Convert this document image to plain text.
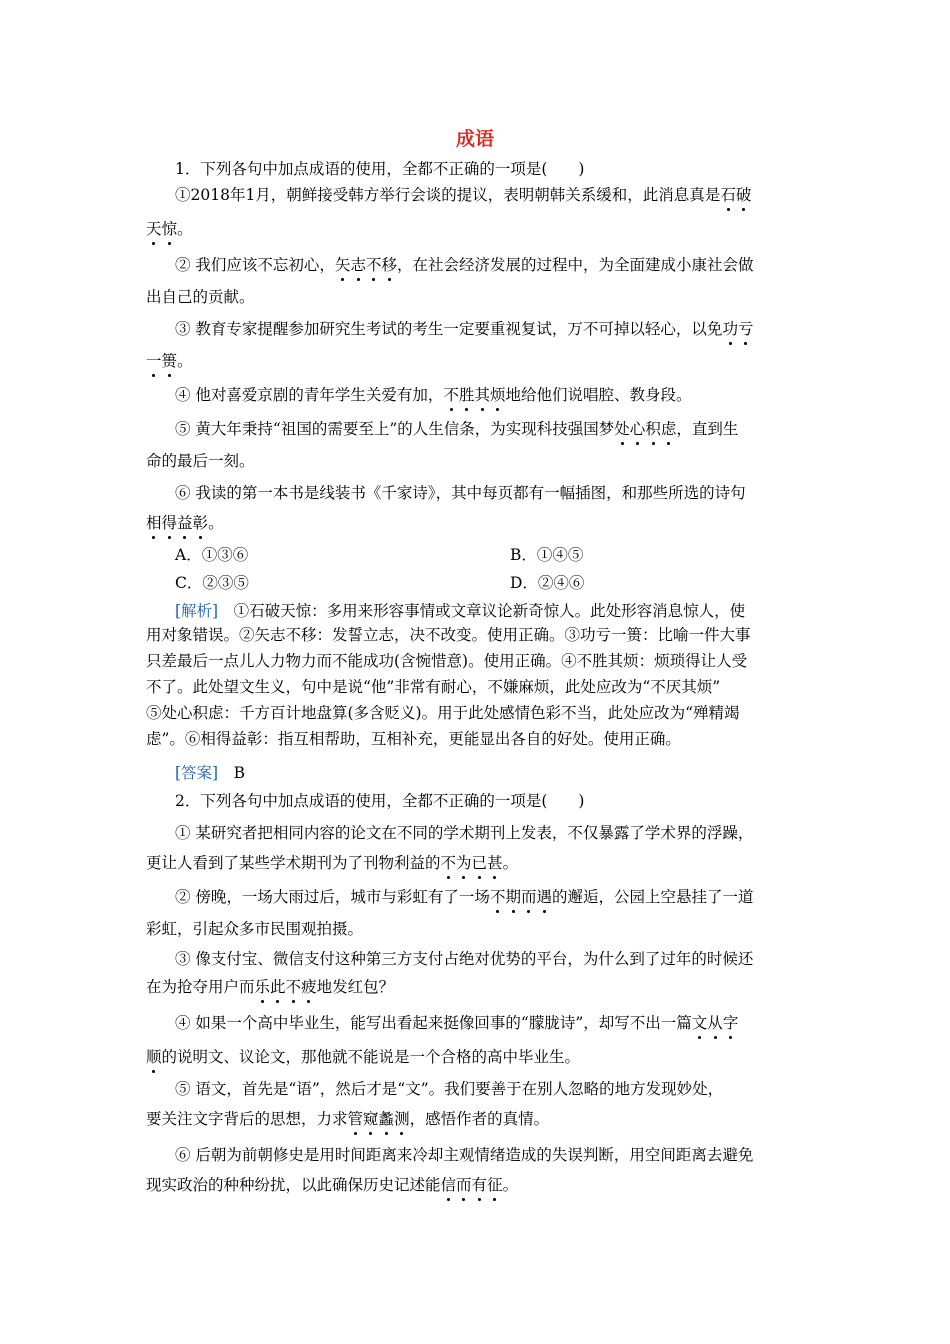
成语
1．下列各句中加点成语的使用，全都不正确的一项是(　　)
①2018年1月，朝鲜接受韩方举行会谈的提议，表明朝韩关系缓和，此消息真是石破
天惊。
② 我们应该不忘初心，矢志不移，在社会经济发展的过程中，为全面建成小康社会做
出自己的贡献。
③ 教育专家提醒参加研究生考试的考生一定要重视复试，万不可掉以轻心，以免功亏
一篑。
④ 他对喜爱京剧的青年学生关爱有加，不胜其烦地给他们说唱腔、教身段。
⑤ 黄大年秉持“祖国的需要至上”的人生信条，为实现科技强国梦处心积虑，直到生
命的最后一刻。
⑥ 我读的第一本书是线装书《千家诗》，其中每页都有一幅插图，和那些所选的诗句
相得益彰。
A．①③⑥	B．①④⑤
C．②③⑤	D．②④⑥
[解析]　 ①石破天惊：多用来形容事情或文章议论新奇惊人。此处形容消息惊人，使
用对象错误。②矢志不移：发誓立志，决不改变。使用正确。③功亏一篑：比喻一件大事
只差最后一点儿人力物力而不能成功(含惋惜意)。使用正确。④不胜其烦：烦琐得让人受
不了。此处望文生义，句中是说“他”非常有耐心，不嫌麻烦，此处应改为“不厌其烦”
⑤处心积虑：千方百计地盘算(多含贬义)。用于此处感情色彩不当，此处应改为“殚精竭
虑”。⑥相得益彰：指互相帮助，互相补充，更能显出各自的好处。使用正确。
[答案]　 B
2．下列各句中加点成语的使用，全都不正确的一项是(　　)
① 某研究者把相同内容的论文在不同的学术期刊上发表，不仅暴露了学术界的浮躁，
更让人看到了某些学术期刊为了刊物利益的不为已甚。
② 傍晚，一场大雨过后，城市与彩虹有了一场不期而遇的邂逅，公园上空悬挂了一道
彩虹，引起众多市民围观拍摄。
③ 像支付宝、微信支付这种第三方支付占绝对优势的平台，为什么到了过年的时候还
在为抢夺用户而乐此不疲地发红包？
④ 如果一个高中毕业生，能写出看起来挺像回事的“朦胧诗”，却写不出一篇文从字
顺的说明文、议论文，那他就不能说是一个合格的高中毕业生。
⑤ 语文，首先是“语”，然后才是“文”。我们要善于在别人忽略的地方发现妙处，
要关注文字背后的思想，力求管窥蠡测，感悟作者的真情。
⑥ 后朝为前朝修史是用时间距离来冷却主观情绪造成的失误判断，用空间距离去避免
现实政治的种种纷扰，以此确保历史记述能信而有征。
